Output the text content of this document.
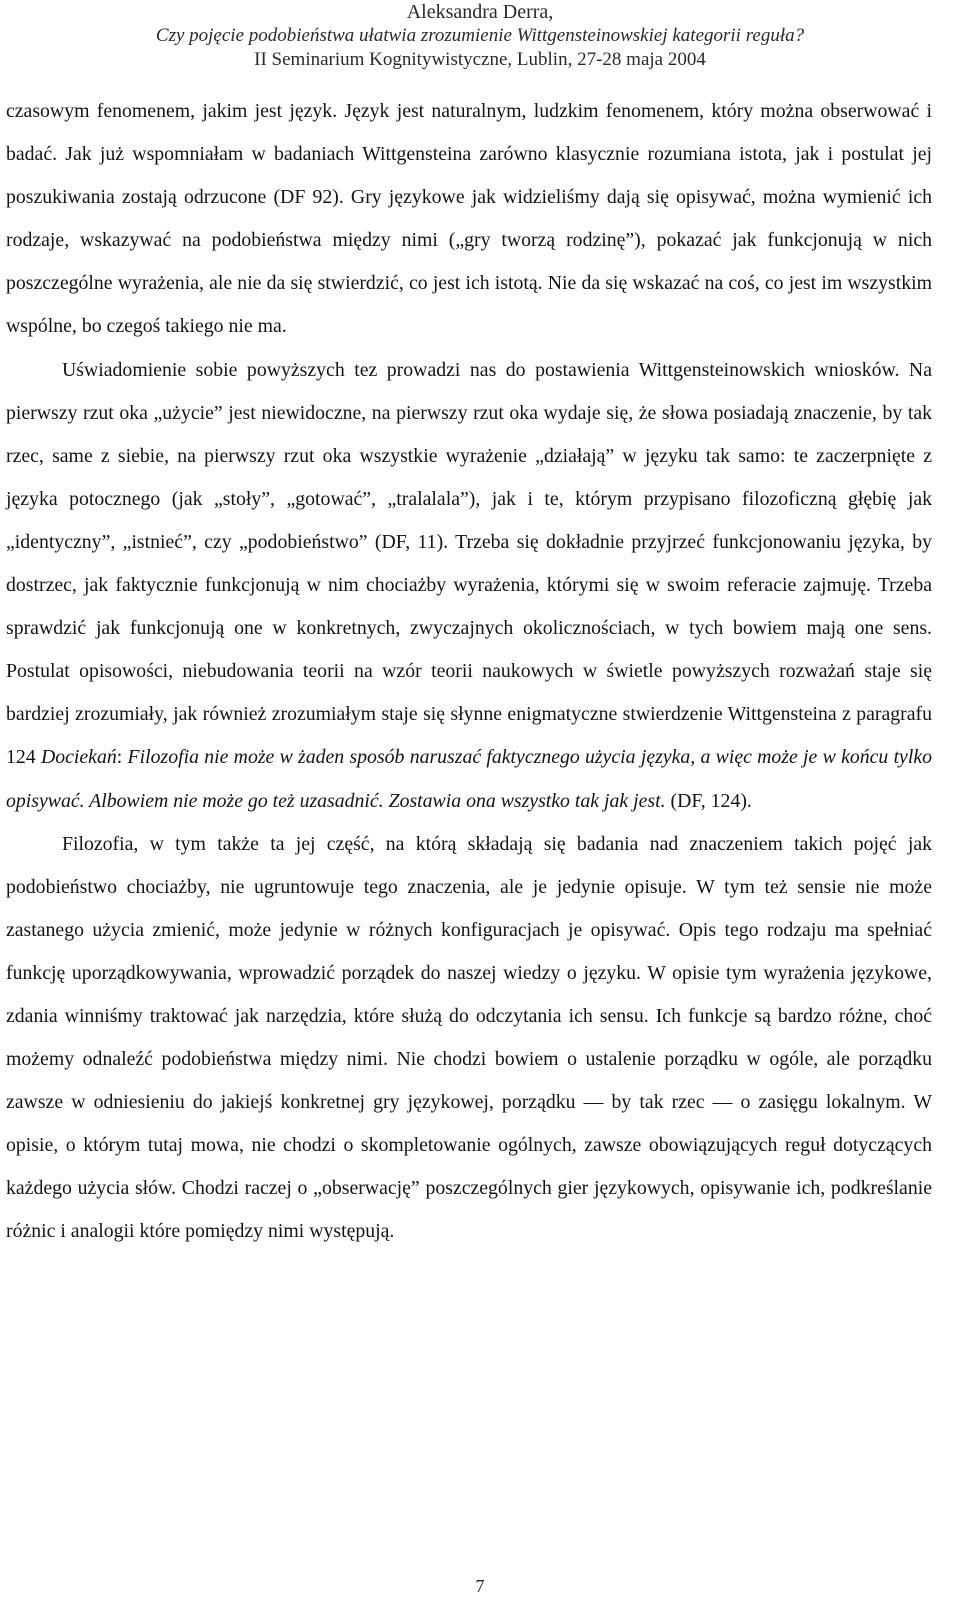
Aleksandra Derra,
Czy pojęcie podobieństwa ułatwia zrozumienie Wittgensteinowskiej kategorii reguła?
II Seminarium Kognitywistyczne, Lublin, 27-28 maja 2004

czasowym fenomenem, jakim jest język. Język jest naturalnym, ludzkim fenomenem, który można obserwować i badać. Jak już wspomniałam w badaniach Wittgensteina zarówno klasycznie rozumiana istota, jak i postulat jej poszukiwania zostają odrzucone (DF 92). Gry językowe jak widzieliśmy dają się opisywać, można wymienić ich rodzaje, wskazywać na podobieństwa między nimi („gry tworzą rodzinę”), pokazać jak funkcjonują w nich poszczególne wyrażenia, ale nie da się stwierdzić, co jest ich istotą. Nie da się wskazać na coś, co jest im wszystkim wspólne, bo czegoś takiego nie ma.

Uświadomienie sobie powyższych tez prowadzi nas do postawienia Wittgensteinowskich wniosków. Na pierwszy rzut oka „użycie” jest niewidoczne, na pierwszy rzut oka wydaje się, że słowa posiadają znaczenie, by tak rzec, same z siebie, na pierwszy rzut oka wszystkie wyrażenie „działają” w języku tak samo: te zaczerpnięte z języka potocznego (jak „stoły”, „gotować”, „tralalala”), jak i te, którym przypisano filozoficzną głębię jak „identyczny”, „istnieć”, czy „podobieństwo” (DF, 11). Trzeba się dokładnie przyjrzeć funkcjonowaniu języka, by dostrzec, jak faktycznie funkcjonują w nim chociażby wyrażenia, którymi się w swoim referacie zajmuję. Trzeba sprawdzić jak funkcjonują one w konkretnych, zwyczajnych okolicznościach, w tych bowiem mają one sens. Postulat opisowości, niebudowania teorii na wzór teorii naukowych w świetle powyższych rozważań staje się bardziej zrozumiały, jak również zrozumiałym staje się słynne enigmatyczne stwierdzenie Wittgensteina z paragrafu 124 Dociekań: Filozofia nie może w żaden sposób naruszać faktycznego użycia języka, a więc może je w końcu tylko opisywać. Albowiem nie może go też uzasadnić. Zostawia ona wszystko tak jak jest. (DF, 124).

Filozofia, w tym także ta jej część, na którą składają się badania nad znaczeniem takich pojęć jak podobieństwo chociażby, nie ugruntowuje tego znaczenia, ale je jedynie opisuje. W tym też sensie nie może zastanego użycia zmienić, może jedynie w różnych konfiguracjach je opisywać. Opis tego rodzaju ma spełniać funkcję uporządkowywania, wprowadzić porządek do naszej wiedzy o języku. W opisie tym wyrażenia językowe, zdania winniśmy traktować jak narzędzia, które służą do odczytania ich sensu. Ich funkcje są bardzo różne, choć możemy odnaleźć podobieństwa między nimi. Nie chodzi bowiem o ustalenie porządku w ogóle, ale porządku zawsze w odniesieniu do jakiejś konkretnej gry językowej, porządku — by tak rzec — o zasięgu lokalnym. W opisie, o którym tutaj mowa, nie chodzi o skompletowanie ogólnych, zawsze obowiązujących reguł dotyczących każdego użycia słów. Chodzi raczej o „obserwację” poszczególnych gier językowych, opisywanie ich, podkreślanie różnic i analogii które pomiędzy nimi występują.

7
